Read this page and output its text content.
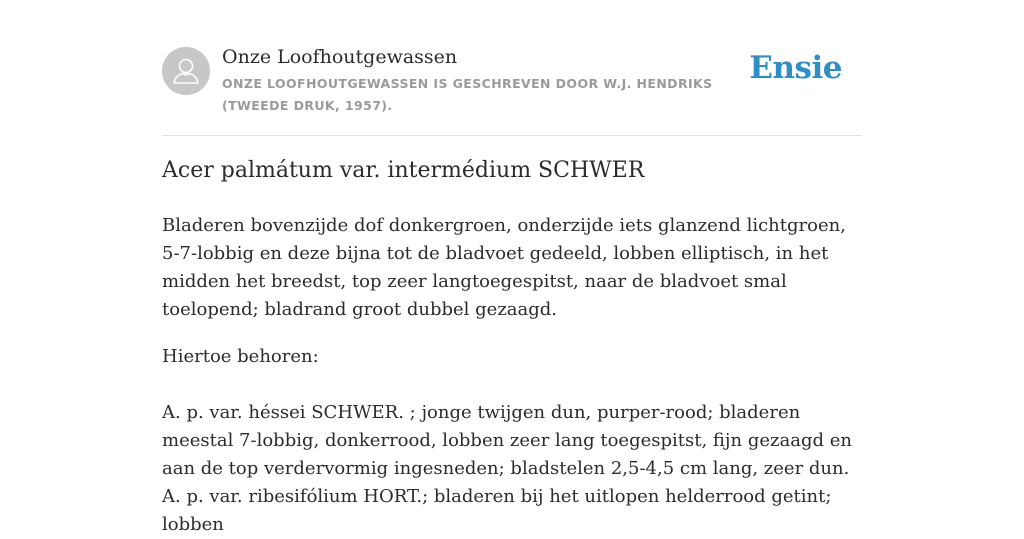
Onze Loofhoutgewassen
ONZE LOOFHOUTGEWASSEN IS GESCHREVEN DOOR W.J. HENDRIKS (TWEEDE DRUK, 1957).
Ensie
Acer palmátum var. intermédium SCHWER

Bladeren bovenzijde dof donkergroen, onderzijde iets glanzend lichtgroen, 5-7-lobbig en deze bijna tot de bladvoet gedeeld, lobben elliptisch, in het midden het breedst, top zeer langtoegespitst, naar de bladvoet smal toelopend; bladrand groot dubbel gezaagd.

Hiertoe behoren:

A. p. var. héssei SCHWER. ; jonge twijgen dun, purper-rood; bladeren meestal 7-lobbig, donkerrood, lobben zeer lang toegespitst, fijn gezaagd en aan de top verdervormig ingesneden; bladstelen 2,5-4,5 cm lang, zeer dun.
A. p. var. ribesifólium HORT.; bladeren bij het uitlopen helderrood getint; lobben
